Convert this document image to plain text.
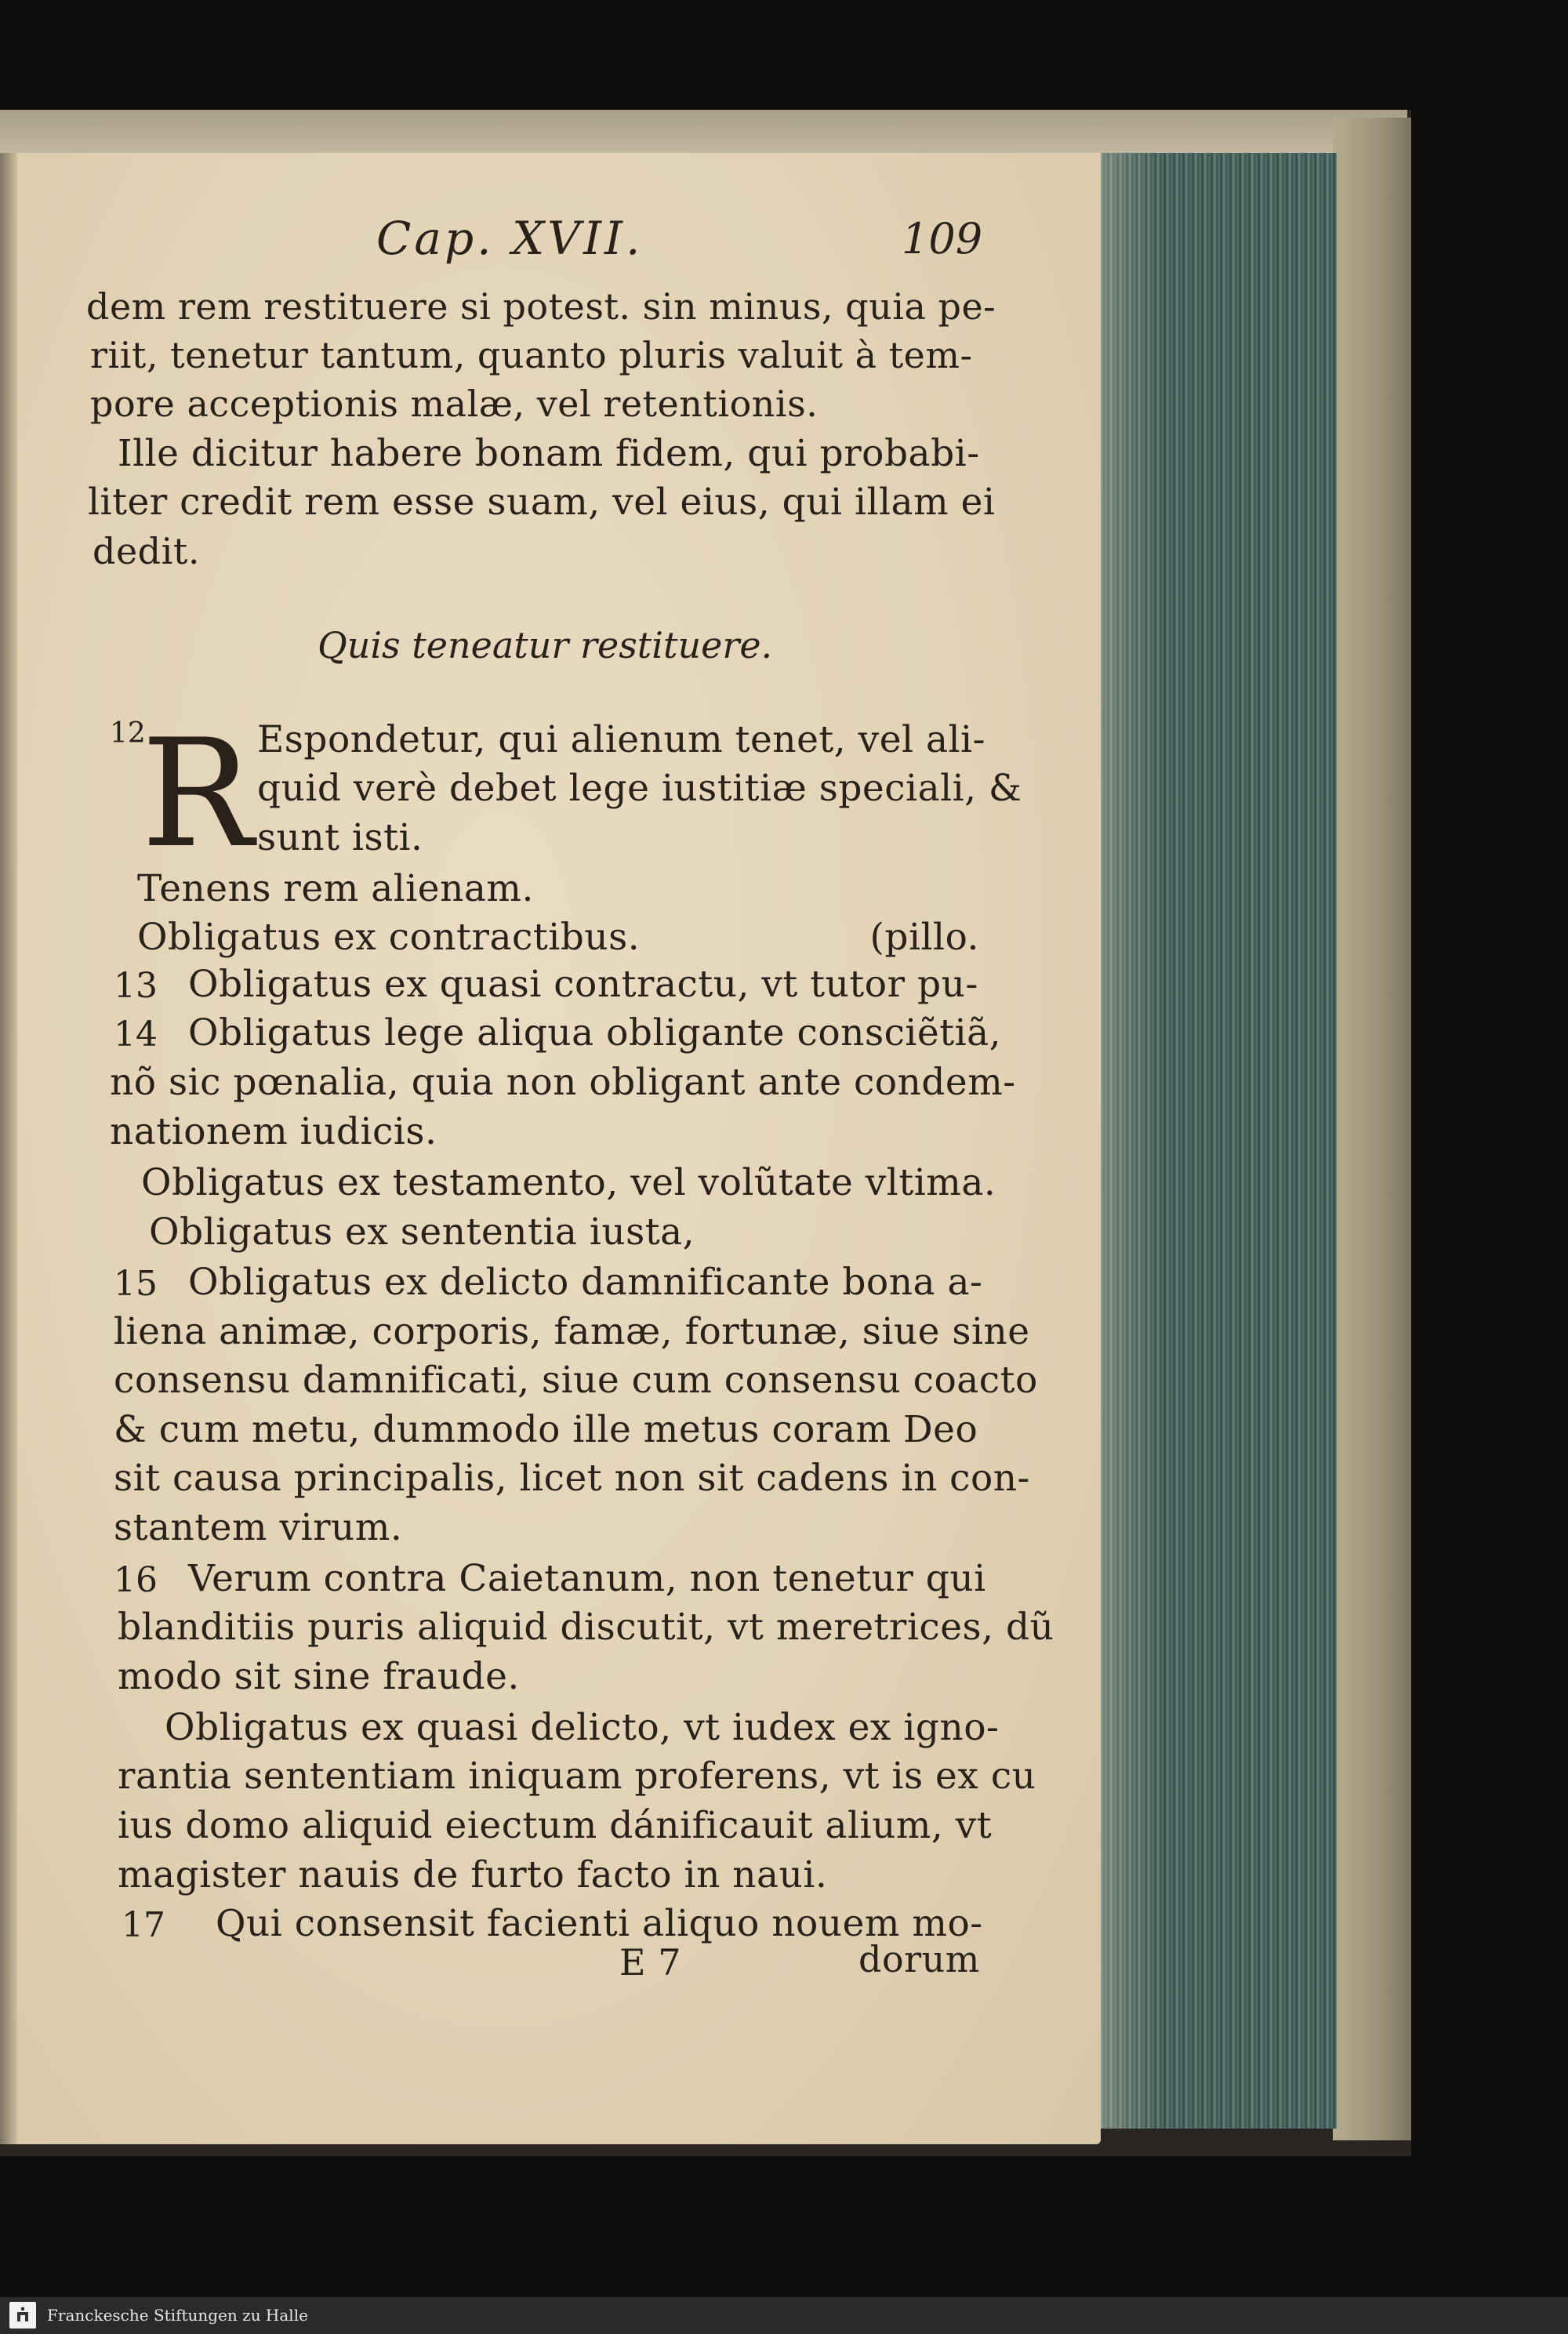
Cap. XVII.	109
dem rem restituere si potest. sin minus, quia pe-
riit, tenetur tantum, quanto pluris valuit à tem-
pore acceptionis malæ, vel retentionis.
Ille dicitur habere bonam fidem, qui probabi-
liter credit rem esse suam, vel eius, qui illam ei
dedit.
Quis teneatur restituere.
R
12	Espondetur, qui alienum tenet, vel ali-
quid verè debet lege iustitiæ speciali, &
sunt isti.
Tenens rem alienam.
Obligatus ex contractibus.                   (pillo.
13 Obligatus ex quasi contractu, vt tutor pu-
14 Obligatus lege aliqua obligante consciẽtiã,
nõ sic pœnalia, quia non obligant ante condem-
nationem iudicis.
Obligatus ex testamento, vel volũtate vltima.
Obligatus ex sententia iusta,
15 Obligatus ex delicto damnificante bona a-
liena animæ, corporis, famæ, fortunæ, siue sine
consensu damnificati, siue cum consensu coacto
& cum metu, dummodo ille metus coram Deo
sit causa principalis, licet non sit cadens in con-
stantem virum.
16 Verum contra Caietanum, non tenetur qui
blanditiis puris aliquid discutit, vt meretrices, dũ
modo sit sine fraude.
Obligatus ex quasi delicto, vt iudex ex igno-
rantia sententiam iniquam proferens, vt is ex cu
ius domo aliquid eiectum dánificauit alium, vt
magister nauis de furto facto in naui.
17 Qui consensit facienti aliquo nouem mo-
E 7	dorum
Franckesche Stiftungen zu Halle
